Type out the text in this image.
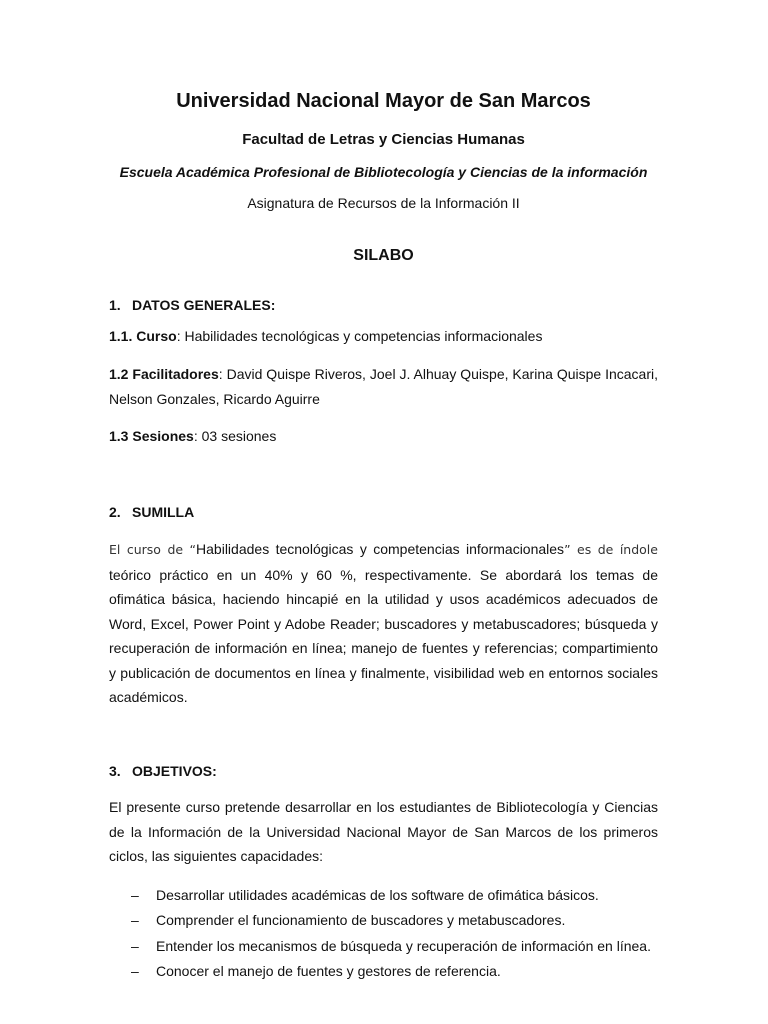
Universidad Nacional Mayor de San Marcos
Facultad de Letras y Ciencias Humanas
Escuela Académica Profesional de Bibliotecología y Ciencias de la información

Asignatura de Recursos de la Información II

SILABO
1. DATOS GENERALES:

1.1. Curso: Habilidades tecnológicas y competencias informacionales

1.2 Facilitadores: David Quispe Riveros, Joel J. Alhuay Quispe, Karina Quispe Incacari, Nelson Gonzales, Ricardo Aguirre

1.3 Sesiones: 03 sesiones

2. SUMILLA

El curso de “Habilidades tecnológicas y competencias informacionales” es de índole teórico práctico en un 40% y 60 %, respectivamente. Se abordará los temas de ofimática básica, haciendo hincapié en la utilidad y usos académicos adecuados de Word, Excel, Power Point y Adobe Reader; buscadores y metabuscadores; búsqueda y recuperación de información en línea; manejo de fuentes y referencias; compartimiento y publicación de documentos en línea y finalmente, visibilidad web en entornos sociales académicos.

3. OBJETIVOS:

El presente curso pretende desarrollar en los estudiantes de Bibliotecología y Ciencias de la Información de la Universidad Nacional Mayor de San Marcos de los primeros ciclos, las siguientes capacidades:

– Desarrollar utilidades académicas de los software de ofimática básicos.
– Comprender el funcionamiento de buscadores y metabuscadores.
– Entender los mecanismos de búsqueda y recuperación de información en línea.
– Conocer el manejo de fuentes y gestores de referencia.
